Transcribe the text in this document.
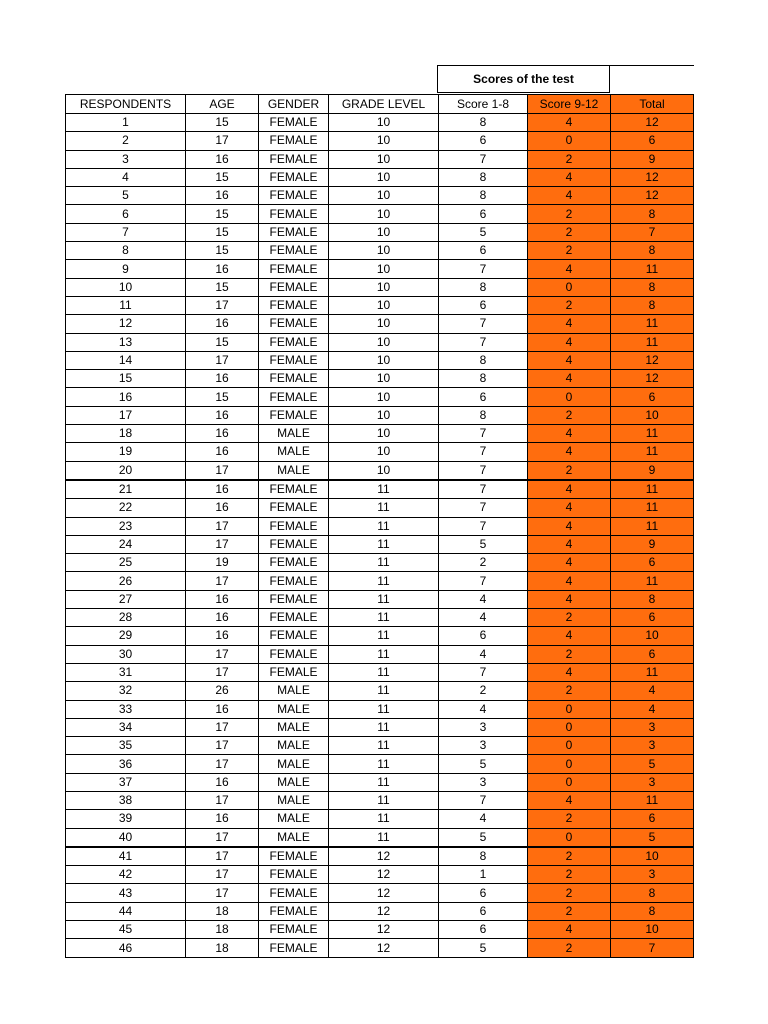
Scores of the test	
RESPONDENTS	AGE	GENDER	GRADE LEVEL	Score 1-8	Score 9-12	Total
1	15	FEMALE	10	8	4	12
2	17	FEMALE	10	6	0	6
3	16	FEMALE	10	7	2	9
4	15	FEMALE	10	8	4	12
5	16	FEMALE	10	8	4	12
6	15	FEMALE	10	6	2	8
7	15	FEMALE	10	5	2	7
8	15	FEMALE	10	6	2	8
9	16	FEMALE	10	7	4	11
10	15	FEMALE	10	8	0	8
11	17	FEMALE	10	6	2	8
12	16	FEMALE	10	7	4	11
13	15	FEMALE	10	7	4	11
14	17	FEMALE	10	8	4	12
15	16	FEMALE	10	8	4	12
16	15	FEMALE	10	6	0	6
17	16	FEMALE	10	8	2	10
18	16	MALE	10	7	4	11
19	16	MALE	10	7	4	11
20	17	MALE	10	7	2	9
21	16	FEMALE	11	7	4	11
22	16	FEMALE	11	7	4	11
23	17	FEMALE	11	7	4	11
24	17	FEMALE	11	5	4	9
25	19	FEMALE	11	2	4	6
26	17	FEMALE	11	7	4	11
27	16	FEMALE	11	4	4	8
28	16	FEMALE	11	4	2	6
29	16	FEMALE	11	6	4	10
30	17	FEMALE	11	4	2	6
31	17	FEMALE	11	7	4	11
32	26	MALE	11	2	2	4
33	16	MALE	11	4	0	4
34	17	MALE	11	3	0	3
35	17	MALE	11	3	0	3
36	17	MALE	11	5	0	5
37	16	MALE	11	3	0	3
38	17	MALE	11	7	4	11
39	16	MALE	11	4	2	6
40	17	MALE	11	5	0	5
41	17	FEMALE	12	8	2	10
42	17	FEMALE	12	1	2	3
43	17	FEMALE	12	6	2	8
44	18	FEMALE	12	6	2	8
45	18	FEMALE	12	6	4	10
46	18	FEMALE	12	5	2	7
